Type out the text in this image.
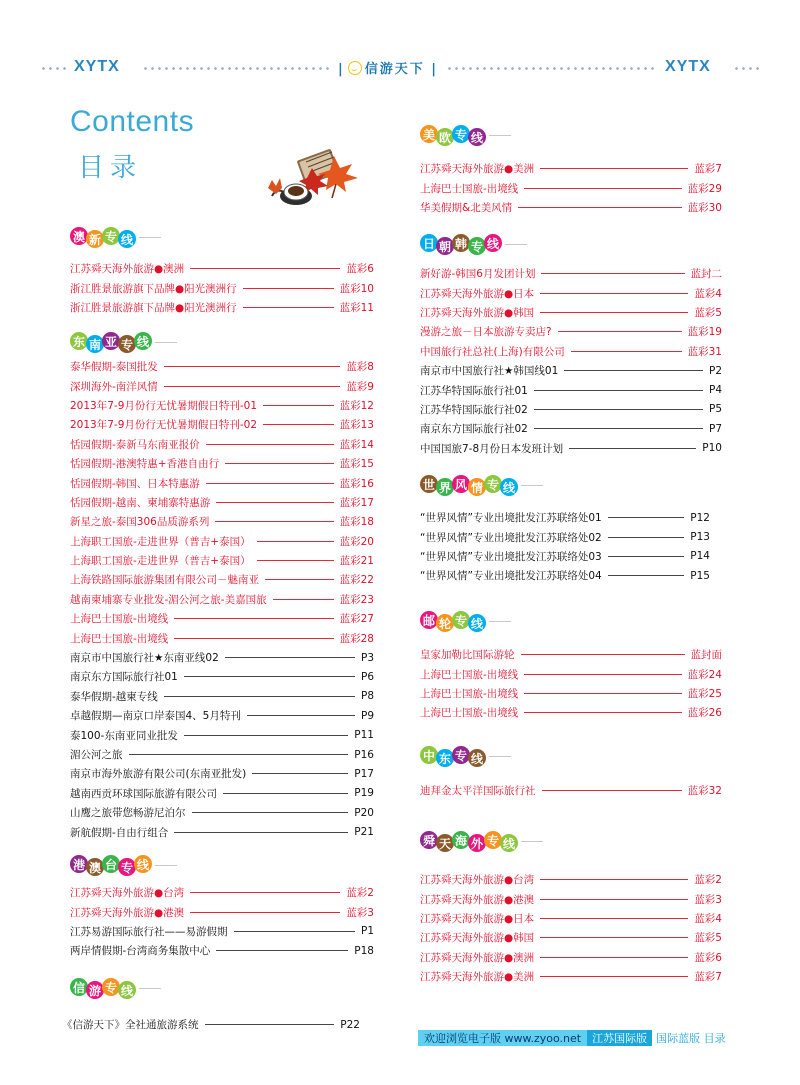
XYTX	| 信游天下 |	XYTX
Contents
目录
澳 新 专 线
江苏舜天海外旅游●澳洲	蓝彩6
浙江胜景旅游旗下品牌●阳光澳洲行	蓝彩10
浙江胜景旅游旗下品牌●阳光澳洲行	蓝彩11
东 南 亚 专 线
泰华假期-泰国批发	蓝彩8
深圳海外-南洋风情	蓝彩9
2013年7-9月份行无忧暑期假日特刊-01	蓝彩12
2013年7-9月份行无忧暑期假日特刊-02	蓝彩13
恬园假期-泰新马东南亚报价	蓝彩14
恬园假期-港澳特惠+香港自由行	蓝彩15
恬园假期-韩国、日本特惠游	蓝彩16
恬园假期-越南、柬埔寨特惠游	蓝彩17
新星之旅-泰国306品质游系列	蓝彩18
上海职工国旅-走进世界（普吉+泰国）	蓝彩20
上海职工国旅-走进世界（普吉+泰国）	蓝彩21
上海铁路国际旅游集团有限公司－魅南亚	蓝彩22
越南柬埔寨专业批发-湄公河之旅-美嘉国旅	蓝彩23
上海巴士国旅-出境线	蓝彩27
上海巴士国旅-出境线	蓝彩28
南京市中国旅行社★东南亚线02	P3
南京东方国际旅行社01	P6
泰华假期-越柬专线	P8
卓越假期—南京口岸泰国4、5月特刊	P9
泰100-东南亚同业批发	P11
湄公河之旅	P16
南京市海外旅游有限公司(东南亚批发)	P17
越南西贡环球国际旅游有限公司	P19
山鹰之旅带您畅游尼泊尔	P20
新航假期-自由行组合	P21
港 澳 台 专 线
江苏舜天海外旅游●台湾	蓝彩2
江苏舜天海外旅游●港澳	蓝彩3
江苏易游国际旅行社——易游假期	P1
两岸情假期-台湾商务集散中心	P18
信 游 专 线
《信游天下》全社通旅游系统	P22
美 欧 专 线
江苏舜天海外旅游●美洲	蓝彩7
上海巴士国旅-出境线	蓝彩29
华美假期&北美风情	蓝彩30
日 朝 韩 专 线
新好游-韩国6月发团计划	蓝封二
江苏舜天海外旅游●日本	蓝彩4
江苏舜天海外旅游●韩国	蓝彩5
漫游之旅－日本旅游专卖店?	蓝彩19
中国旅行社总社(上海)有限公司	蓝彩31
南京市中国旅行社★韩国线01	P2
江苏华特国际旅行社01	P4
江苏华特国际旅行社02	P5
南京东方国际旅行社02	P7
中国国旅7-8月份日本发班计划	P10
世 界 风 情 专 线
“世界风情”专业出境批发江苏联络处01	P12
“世界风情”专业出境批发江苏联络处02	P13
“世界风情”专业出境批发江苏联络处03	P14
“世界风情”专业出境批发江苏联络处04	P15
邮 轮 专 线
皇家加勒比国际游轮	蓝封面
上海巴士国旅-出境线	蓝彩24
上海巴士国旅-出境线	蓝彩25
上海巴士国旅-出境线	蓝彩26
中 东 专 线
迪拜金太平洋国际旅行社	蓝彩32
舜 天 海 外 专 线
江苏舜天海外旅游●台湾	蓝彩2
江苏舜天海外旅游●港澳	蓝彩3
江苏舜天海外旅游●日本	蓝彩4
江苏舜天海外旅游●韩国	蓝彩5
江苏舜天海外旅游●澳洲	蓝彩6
江苏舜天海外旅游●美洲	蓝彩7
欢迎浏览电子版 www.zyoo.net	江苏国际版 国际蓝版 目录
